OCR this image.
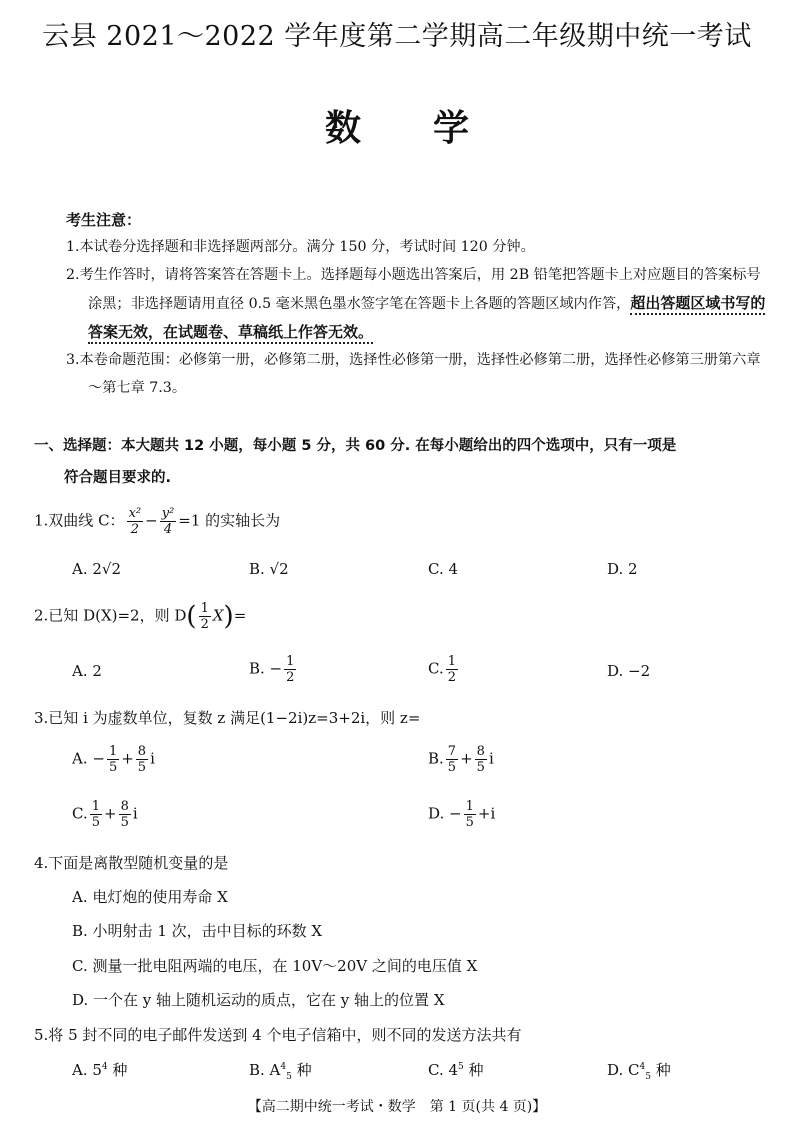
云县 2021～2022 学年度第二学期高二年级期中统一考试
数学
考生注意：
1.本试卷分选择题和非选择题两部分。满分 150 分，考试时间 120 分钟。
2.考生作答时，请将答案答在答题卡上。选择题每小题选出答案后，用 2B 铅笔把答题卡上对应题目的答案标号涂黑；非选择题请用直径 0.5 毫米黑色墨水签字笔在答题卡上各题的答题区域内作答，超出答题区域书写的答案无效，在试题卷、草稿纸上作答无效。
3.本卷命题范围：必修第一册，必修第二册，选择性必修第一册，选择性必修第二册，选择性必修第三册第六章～第七章 7.3。
一、选择题：本大题共 12 小题，每小题 5 分，共 60 分. 在每小题给出的四个选项中，只有一项是
符合题目要求的.
1.双曲线 C： $\frac{\text{x²}}{2} - \frac{\text{y²}}{4} =1$ 的实轴长为
A. 2√2	B. √2	C. 4	D. 2
2.已知 D(X)=2，则 $D( \frac{1}{2} X)=$
A. 2	B. − $\frac{1}{2}$	C. $\frac{1}{2}$	D. −2
3.已知 i 为虚数单位，复数 z 满足(1−2i)z=3+2i，则 z=
A. − $\frac{1}{5} + \frac{8}{5}$ i	B. $\frac{7}{5} + \frac{8}{5}$ i
C. $\frac{1}{5} + \frac{8}{5}$ i	D. − $\frac{1}{5} +i$
4.下面是离散型随机变量的是
A. 电灯炮的使用寿命 X
B. 小明射击 1 次，击中目标的环数 X
C. 测量一批电阻两端的电压，在 10V～20V 之间的电压值 X
D. 一个在 y 轴上随机运动的质点，它在 y 轴上的位置 X
5.将 5 封不同的电子邮件发送到 4 个电子信箱中，则不同的发送方法共有
A. $5^4$ 种	B. $A^4_5$ 种	C. $4^5$ 种	D. $C^4_5$ 种
【高二期中统一考试・数学　第 1 页(共 4 页)】
